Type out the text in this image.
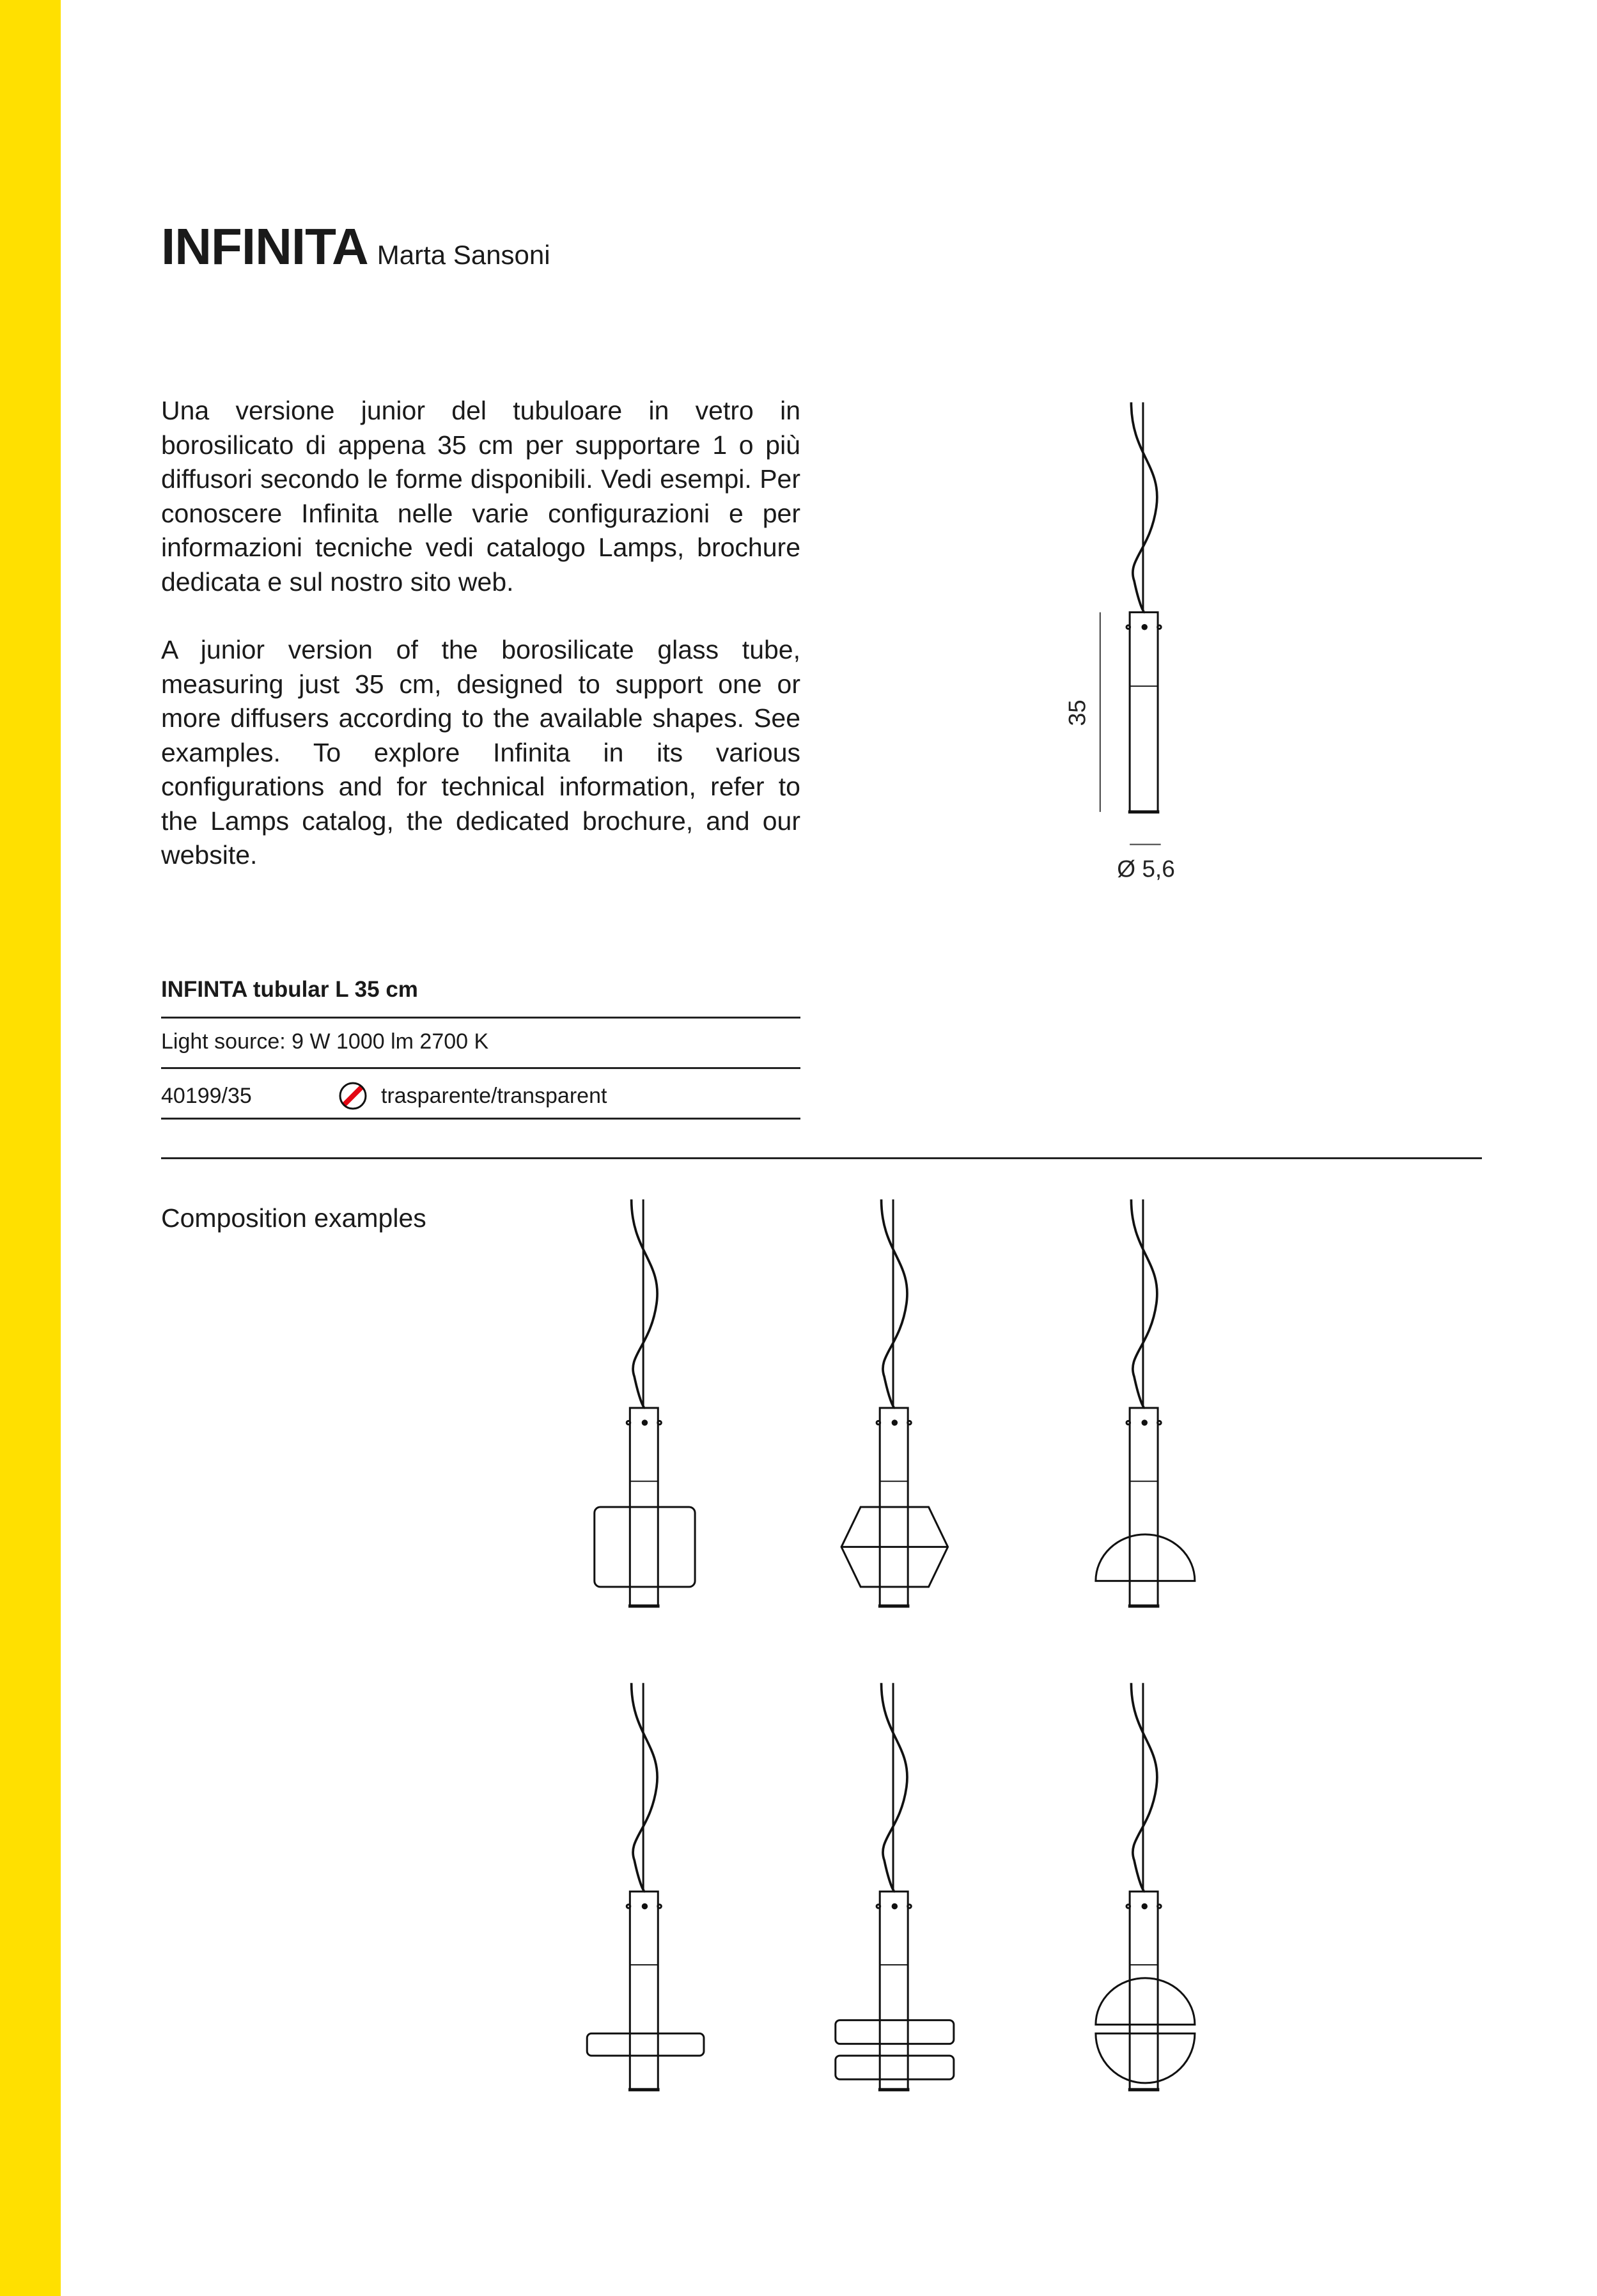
INFINITA Marta Sansoni
Una versione junior del tubuloare in vetro in borosilicato di appena 35 cm per supportare 1 o più diffusori secondo le forme disponibili. Vedi esempi. Per conoscere Infinita nelle varie configurazioni e per informazioni tecniche vedi catalogo Lamps, brochure dedicata e sul nostro sito web.
A junior version of the borosilicate glass tube, measuring just 35 cm, designed to support one or more diffusers according to the available shapes. See examples. To explore Infinita in its various configurations and for technical information, refer to the Lamps catalog, the dedicated brochure, and our website.
INFINTA tubular L 35 cm
Light source: 9 W 1000 lm 2700 K
40199/35	trasparente/transparent
Composition examples
35
Ø 5,6
